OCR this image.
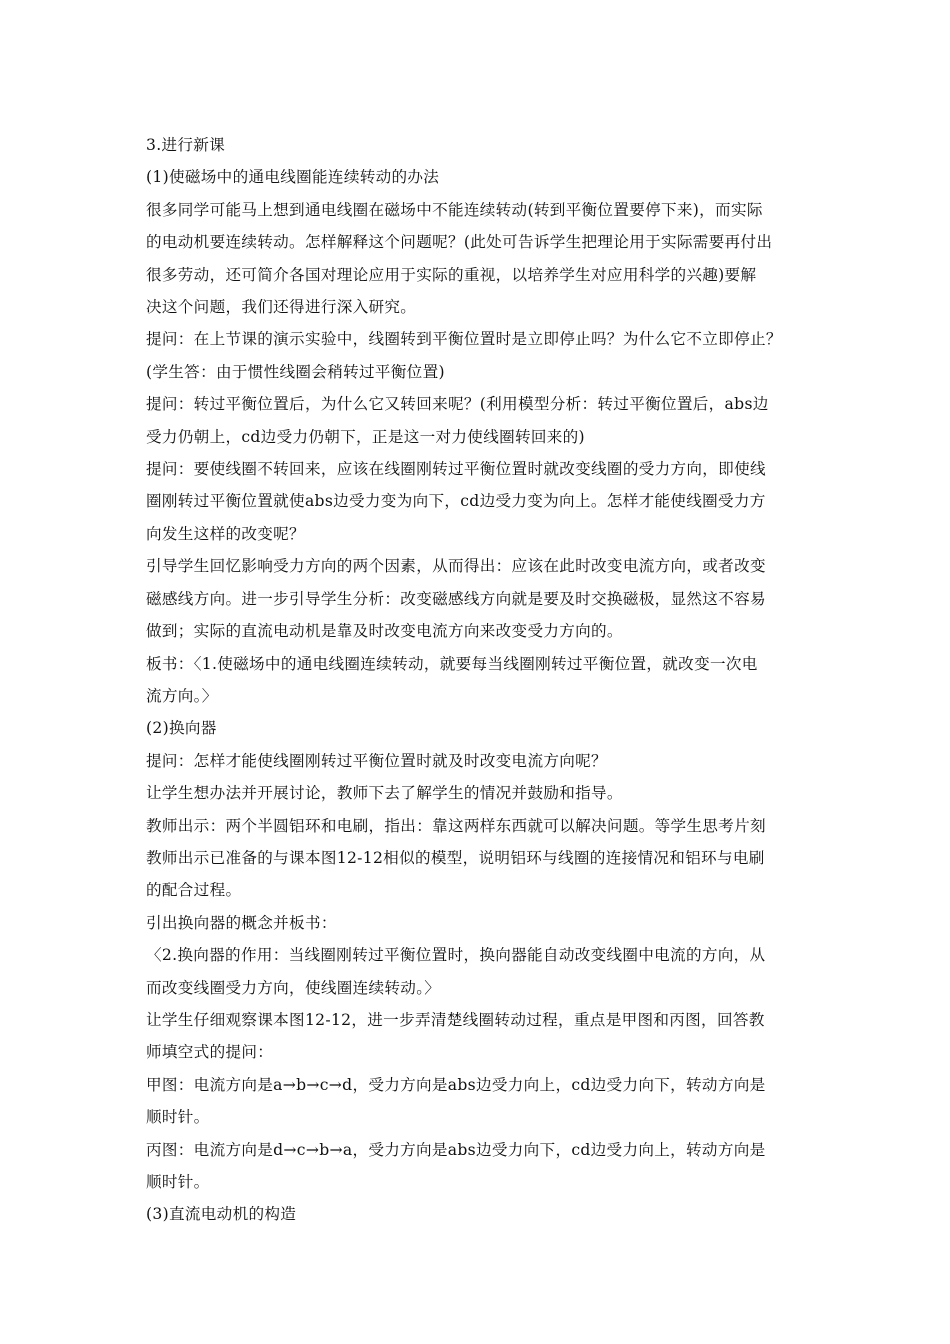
3.进行新课

(1)使磁场中的通电线圈能连续转动的办法

很多同学可能马上想到通电线圈在磁场中不能连续转动(转到平衡位置要停下来)，而实际

的电动机要连续转动。怎样解释这个问题呢？(此处可告诉学生把理论用于实际需要再付出

很多劳动，还可简介各国对理论应用于实际的重视，以培养学生对应用科学的兴趣)要解

决这个问题，我们还得进行深入研究。

提问：在上节课的演示实验中，线圈转到平衡位置时是立即停止吗？为什么它不立即停止？

(学生答：由于惯性线圈会稍转过平衡位置)

提问：转过平衡位置后，为什么它又转回来呢？(利用模型分析：转过平衡位置后，abs边

受力仍朝上，cd边受力仍朝下，正是这一对力使线圈转回来的)

提问：要使线圈不转回来，应该在线圈刚转过平衡位置时就改变线圈的受力方向，即使线

圈刚转过平衡位置就使abs边受力变为向下，cd边受力变为向上。怎样才能使线圈受力方

向发生这样的改变呢？

引导学生回忆影响受力方向的两个因素，从而得出：应该在此时改变电流方向，或者改变

磁感线方向。进一步引导学生分析：改变磁感线方向就是要及时交换磁极，显然这不容易

做到；实际的直流电动机是靠及时改变电流方向来改变受力方向的。

板书：〈1.使磁场中的通电线圈连续转动，就要每当线圈刚转过平衡位置，就改变一次电

流方向。〉

(2)换向器

提问：怎样才能使线圈刚转过平衡位置时就及时改变电流方向呢？

让学生想办法并开展讨论，教师下去了解学生的情况并鼓励和指导。

教师出示：两个半圆铝环和电刷，指出：靠这两样东西就可以解决问题。等学生思考片刻

教师出示已准备的与课本图12-12相似的模型，说明铝环与线圈的连接情况和铝环与电刷

的配合过程。

引出换向器的概念并板书：

〈2.换向器的作用：当线圈刚转过平衡位置时，换向器能自动改变线圈中电流的方向，从

而改变线圈受力方向，使线圈连续转动。〉

让学生仔细观察课本图12-12，进一步弄清楚线圈转动过程，重点是甲图和丙图，回答教

师填空式的提问：

甲图：电流方向是a→b→c→d，受力方向是abs边受力向上，cd边受力向下，转动方向是

顺时针。

丙图：电流方向是d→c→b→a，受力方向是abs边受力向下，cd边受力向上，转动方向是

顺时针。

(3)直流电动机的构造
